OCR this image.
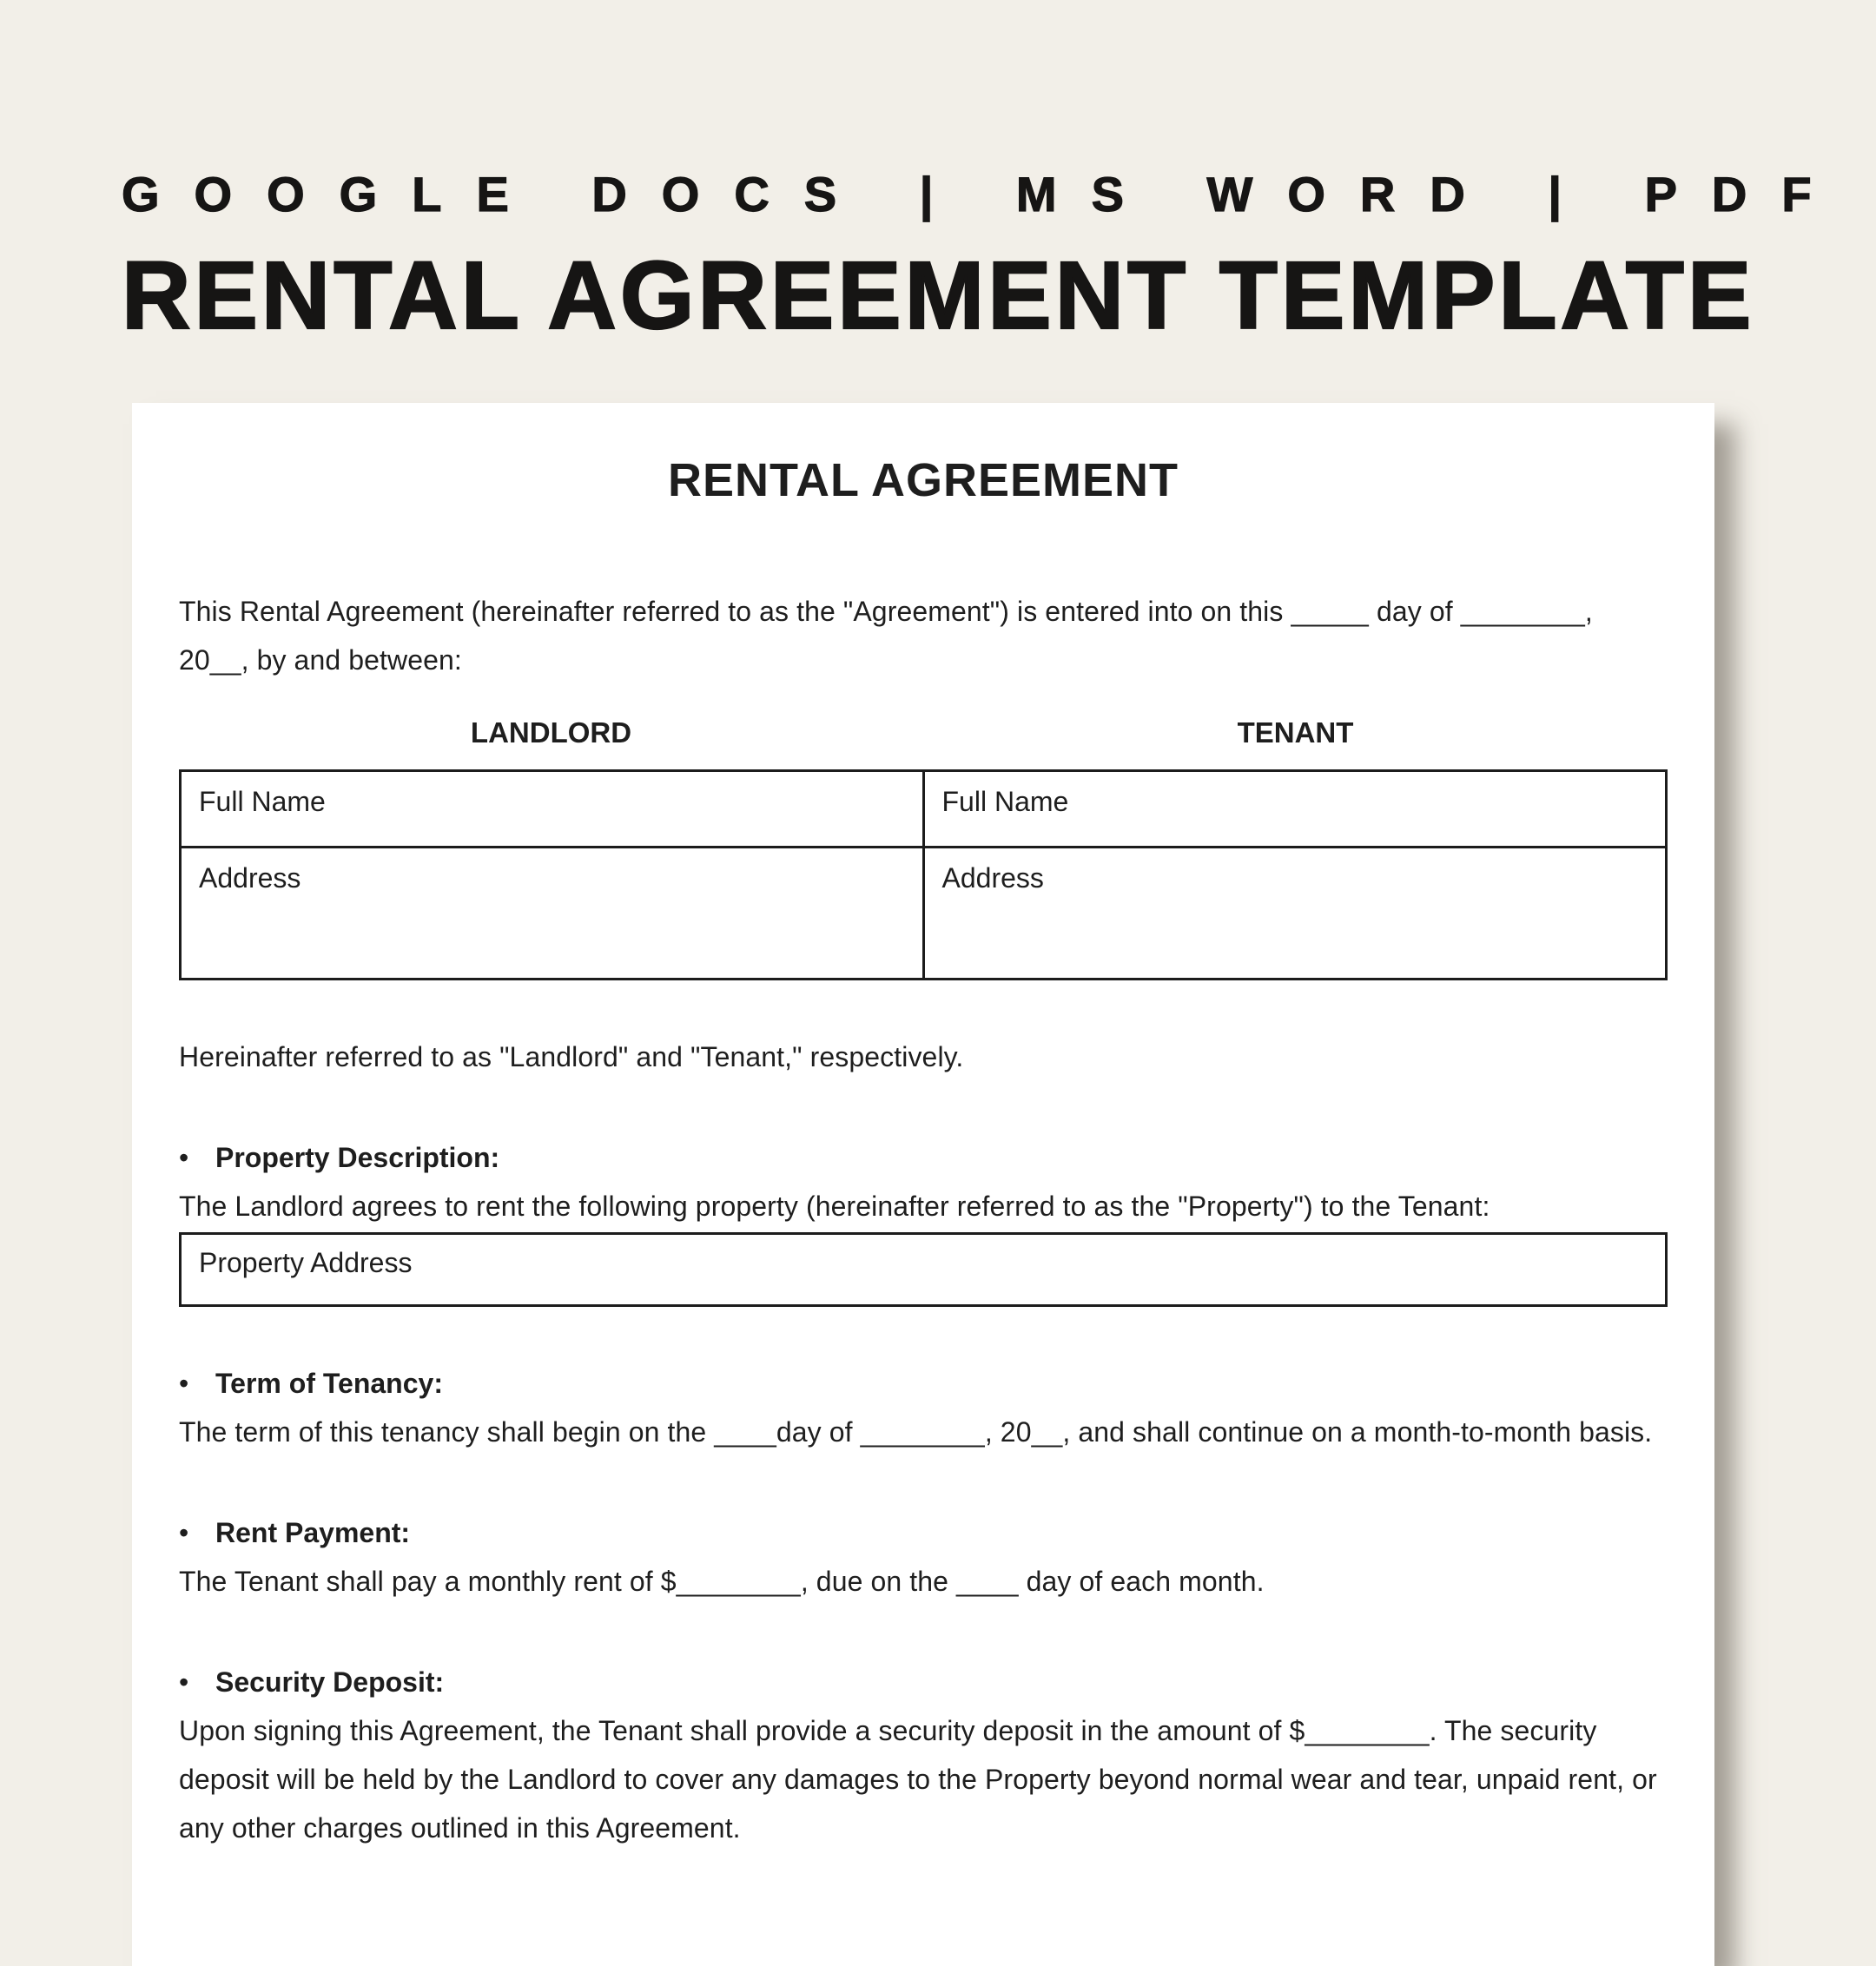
GOOGLE DOCS | MS WORD | PDF
RENTAL AGREEMENT TEMPLATE
RENTAL AGREEMENT

This Rental Agreement (hereinafter referred to as the "Agreement") is entered into on this _____ day of ________, 20__, by and between:

LANDLORD	TENANT
Full Name	Full Name
Address	Address

Hereinafter referred to as "Landlord" and "Tenant," respectively.

• Property Description:

The Landlord agrees to rent the following property (hereinafter referred to as the "Property") to the Tenant:

Property Address
• Term of Tenancy:

The term of this tenancy shall begin on the ____day of ________, 20__, and shall continue on a month-to-month basis.

• Rent Payment:

The Tenant shall pay a monthly rent of $________, due on the ____ day of each month.

• Security Deposit:

Upon signing this Agreement, the Tenant shall provide a security deposit in the amount of $________. The security deposit will be held by the Landlord to cover any damages to the Property beyond normal wear and tear, unpaid rent, or any other charges outlined in this Agreement.
